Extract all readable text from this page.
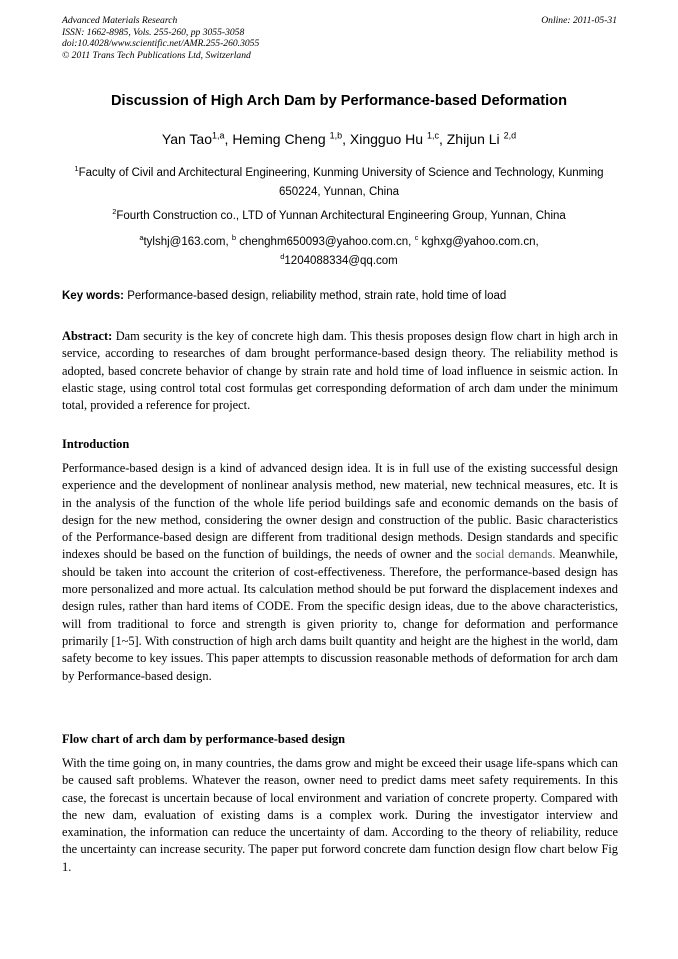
Advanced Materials Research	Online: 2011-05-31
ISSN: 1662-8985, Vols. 255-260, pp 3055-3058
doi:10.4028/www.scientific.net/AMR.255-260.3055
© 2011 Trans Tech Publications Ltd, Switzerland
Discussion of High Arch Dam by Performance-based Deformation
Yan Tao$^{1,a}$, Heming Cheng $^{1,b}$, Xingguo Hu $^{1,c}$, Zhijun Li $^{2,d}$
$^1$Faculty of Civil and Architectural Engineering, Kunming University of Science and Technology, Kunming 650224, Yunnan, China
$^2$Fourth Construction co., LTD of Yunnan Architectural Engineering Group, Yunnan, China
$^a$tylshj@163.com, $^b$ chenghm650093@yahoo.com.cn, $^c$ kghxg@yahoo.com.cn,
$^d$1204088334@qq.com
Key words: Performance-based design, reliability method, strain rate, hold time of load
Abstract: Dam security is the key of concrete high dam. This thesis proposes design flow chart in high arch in service, according to researches of dam brought performance-based design theory. The reliability method is adopted, based concrete behavior of change by strain rate and hold time of load influence in seismic action. In elastic stage, using control total cost formulas get corresponding deformation of arch dam under the minimum total, provided a reference for project.
Introduction
Performance-based design is a kind of advanced design idea. It is in full use of the existing successful design experience and the development of nonlinear analysis method, new material, new technical measures, etc. It is in the analysis of the function of the whole life period buildings safe and economic demands on the basis of design for the new method, considering the owner design and construction of the public. Basic characteristics of the Performance-based design are different from traditional design methods. Design standards and specific indexes should be based on the function of buildings, the needs of owner and the social demands. Meanwhile, should be taken into account the criterion of cost-effectiveness. Therefore, the performance-based design has more personalized and more actual. Its calculation method should be put forward the displacement indexes and design rules, rather than hard items of CODE. From the specific design ideas, due to the above characteristics, will from traditional to force and strength is given priority to, change for deformation and performance primarily [1~5]. With construction of high arch dams built quantity and height are the highest in the world, dam safety become to key issues. This paper attempts to discussion reasonable methods of deformation for arch dam by Performance-based design.
Flow chart of arch dam by performance-based design
With the time going on, in many countries, the dams grow and might be exceed their usage life-spans which can be caused saft problems. Whatever the reason, owner need to predict dams meet safety requirements. In this case, the forecast is uncertain because of local environment and variation of concrete property. Compared with the new dam, evaluation of existing dams is a complex work. During the investigator interview and examination, the information can reduce the uncertainty of dam. According to the theory of reliability, reduce the uncertainty can increase security. The paper put forword concrete dam function design flow chart below Fig 1.
